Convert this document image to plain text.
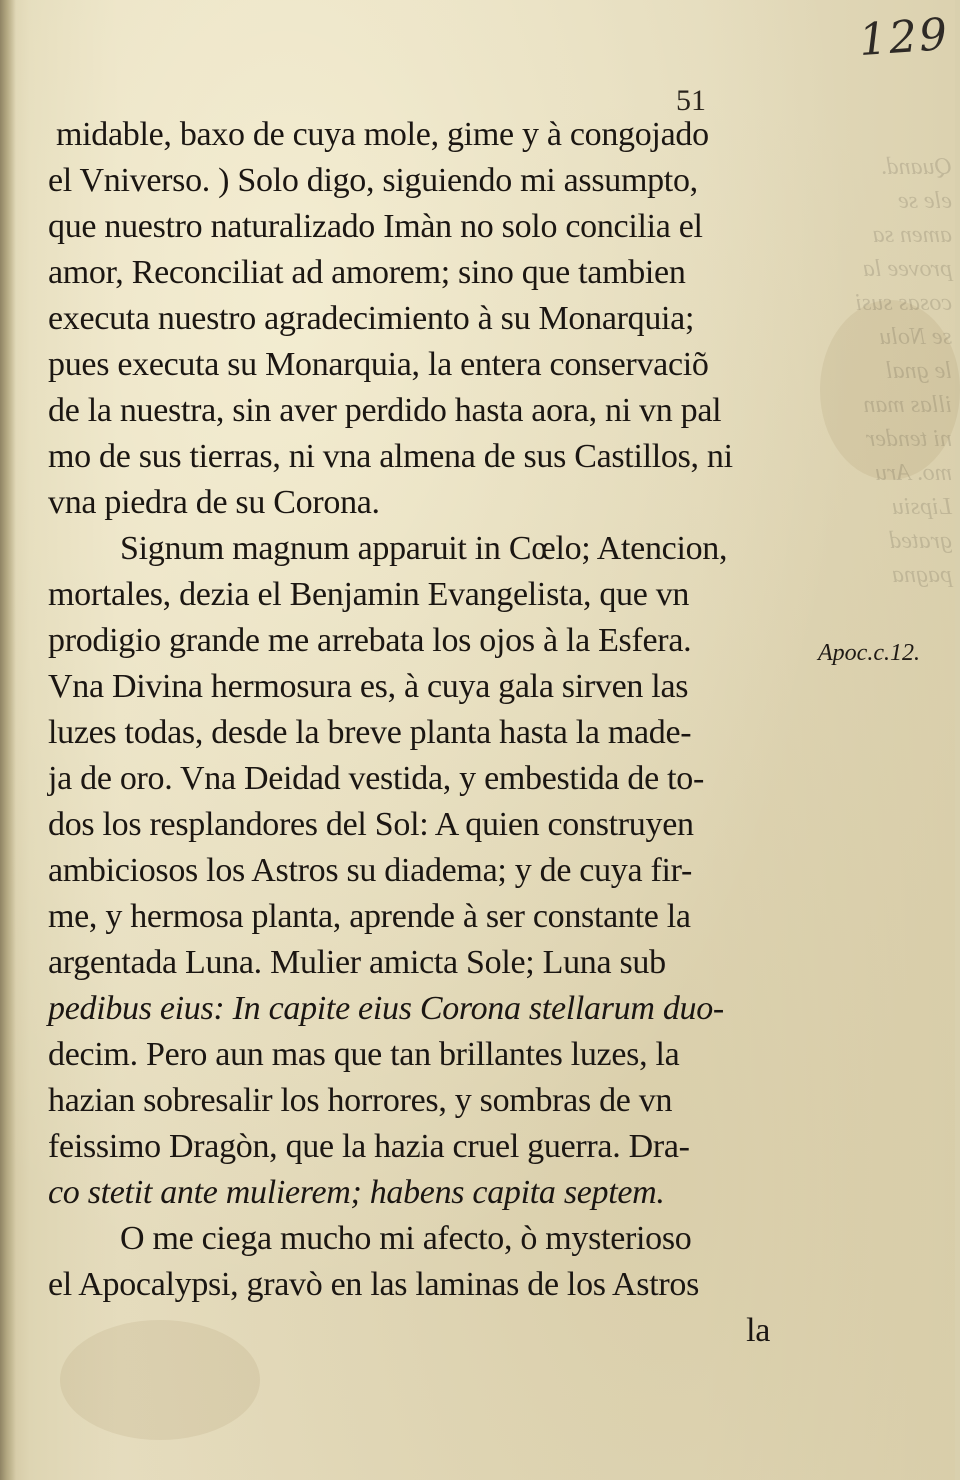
Quand.
ele se
amen sa
provee la
cosas susi
se Nolu
le gnal
illas man
ni tender
mo. Aru
Lipsiu
grated
pagna
129
51
midable, baxo de cuya mole, gime y à congojado
el Vniverso. ) Solo digo, siguiendo mi assumpto,
que nuestro naturalizado Imàn no solo concilia el
amor, Reconciliat ad amorem; sino que tambien
executa nuestro agradecimiento à su Monarquia;
pues executa su Monarquia, la entera conservaciõ
de la nuestra, sin aver perdido hasta aora, ni vn pal
mo de sus tierras, ni vna almena de sus Castillos, ni
vna piedra de su Corona.
Signum magnum apparuit in Cœlo; Atencion,
mortales, dezia el Benjamin Evangelista, que vn
prodigio grande me arrebata los ojos à la Esfera.
Vna Divina hermosura es, à cuya gala sirven las
luzes todas, desde la breve planta hasta la made-
ja de oro. Vna Deidad vestida, y embestida de to-
dos los resplandores del Sol: A quien construyen
ambiciosos los Astros su diadema; y de cuya fir-
me, y hermosa planta, aprende à ser constante la
argentada Luna. Mulier amicta Sole; Luna sub
pedibus eius: In capite eius Corona stellarum duo-
decim. Pero aun mas que tan brillantes luzes, la
hazian sobresalir los horrores, y sombras de vn
feissimo Dragòn, que la hazia cruel guerra. Dra-
co stetit ante mulierem; habens capita septem.
O me ciega mucho mi afecto, ò mysterioso
el Apocalypsi, gravò en las laminas de los Astros
la
Apoc.c.12.
